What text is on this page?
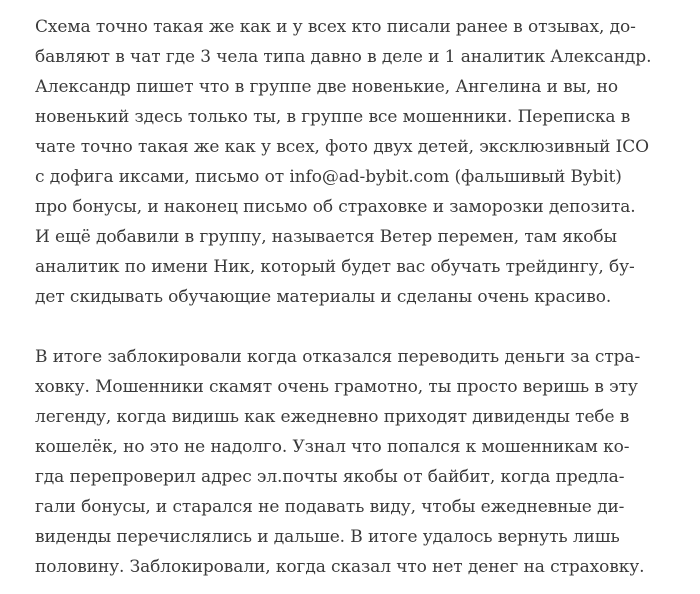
Схема точно такая же как и у всех кто писали ранее в отзывах, до-
бавляют в чат где 3 чела типа давно в деле и 1 аналитик Александр.
Александр пишет что в группе две новенькие, Ангелина и вы, но
новенький здесь только ты, в группе все мошенники. Переписка в
чате точно такая же как у всех, фото двух детей, эксклюзивный ICO
с дофига иксами, письмо от info@ad-bybit.com (фальшивый Bybit)
про бонусы, и наконец письмо об страховке и заморозки депозита.
И ещё добавили в группу, называется Ветер перемен, там якобы
аналитик по имени Ник, который будет вас обучать трейдингу, бу-
дет скидывать обучающие материалы и сделаны очень красиво.

В итоге заблокировали когда отказался переводить деньги за стра-
ховку. Мошенники скамят очень грамотно, ты просто веришь в эту
легенду, когда видишь как ежедневно приходят дивиденды тебе в
кошелёк, но это не надолго. Узнал что попался к мошенникам ко-
гда перепроверил адрес эл.почты якобы от байбит, когда предла-
гали бонусы, и старался не подавать виду, чтобы ежедневные ди-
виденды перечислялись и дальше. В итоге удалось вернуть лишь
половину. Заблокировали, когда сказал что нет денег на страховку.
